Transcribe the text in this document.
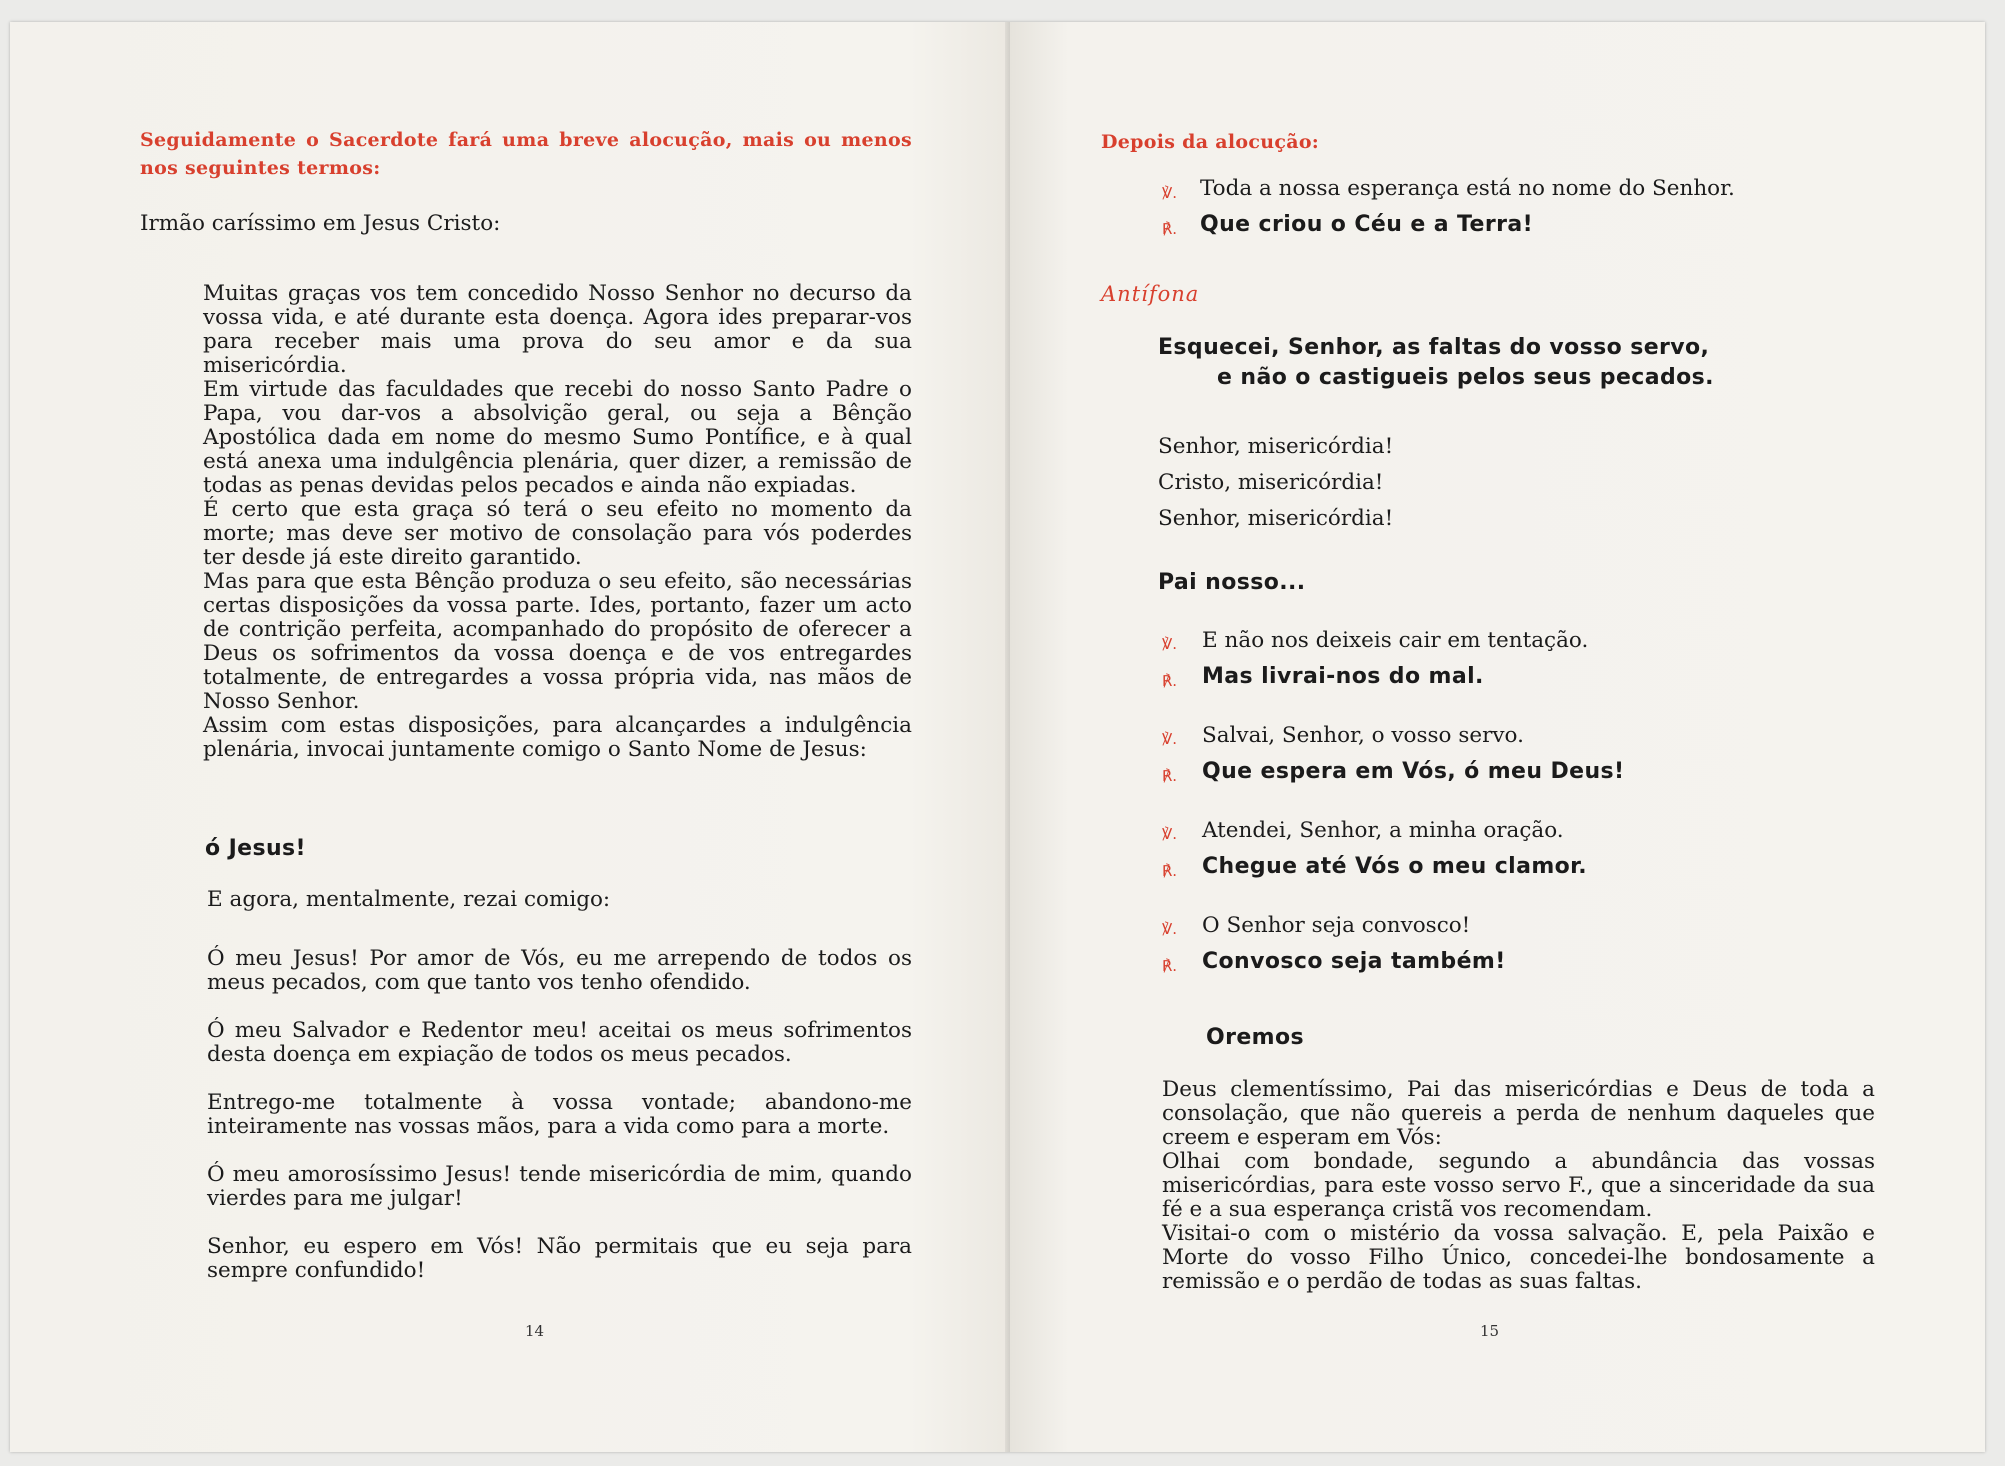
Seguidamente o Sacerdote fará uma breve alocução, mais ou menos nos seguintes termos:
Irmão caríssimo em Jesus Cristo:

Muitas graças vos tem concedido Nosso Senhor no decurso da vossa vida, e até durante esta doença. Agora ides preparar-vos para receber mais uma prova do seu amor e da sua misericórdia.

Em virtude das faculdades que recebi do nosso Santo Padre o Papa, vou dar-vos a absolvição geral, ou seja a Bênção Apostólica dada em nome do mesmo Sumo Pontífice, e à qual está anexa uma indulgência plenária, quer dizer, a remissão de todas as penas devidas pelos pecados e ainda não expiadas.

É certo que esta graça só terá o seu efeito no momento da morte; mas deve ser motivo de consolação para vós poderdes ter desde já este direito garantido.

Mas para que esta Bênção produza o seu efeito, são necessárias certas disposições da vossa parte. Ides, portanto, fazer um acto de contrição perfeita, acompanhado do propósito de oferecer a Deus os sofrimentos da vossa doença e de vos entregardes totalmente, de entregardes a vossa própria vida, nas mãos de Nosso Senhor.

Assim com estas disposições, para alcançardes a indulgência plenária, invocai juntamente comigo o Santo Nome de Jesus:

ó Jesus!
E agora, mentalmente, rezai comigo:
Ó meu Jesus! Por amor de Vós, eu me arrependo de todos os meus pecados, com que tanto vos tenho ofendido.
Ó meu Salvador e Redentor meu! aceitai os meus sofrimentos desta doença em expiação de todos os meus pecados.
Entrego-me totalmente à vossa vontade; abandono-me inteiramente nas vossas mãos, para a vida como para a morte.
Ó meu amorosíssimo Jesus! tende misericórdia de mim, quando vierdes para me julgar!
Senhor, eu espero em Vós! Não permitais que eu seja para sempre confundido!
14
Depois da alocução:
℣. Toda a nossa esperança está no nome do Senhor.
℟. Que criou o Céu e a Terra!
Antífona
Esquecei, Senhor, as faltas do vosso servo,
e não o castigueis pelos seus pecados.
Senhor, misericórdia!
Cristo, misericórdia!
Senhor, misericórdia!
Pai nosso...
℣. E não nos deixeis cair em tentação.
℟. Mas livrai-nos do mal.
℣. Salvai, Senhor, o vosso servo.
℟. Que espera em Vós, ó meu Deus!
℣. Atendei, Senhor, a minha oração.
℟. Chegue até Vós o meu clamor.
℣. O Senhor seja convosco!
℟. Convosco seja também!
Oremos

Deus clementíssimo, Pai das misericórdias e Deus de toda a consolação, que não quereis a perda de nenhum daqueles que creem e esperam em Vós:

Olhai com bondade, segundo a abundância das vossas misericórdias, para este vosso servo F., que a sinceridade da sua fé e a sua esperança cristã vos recomendam.

Visitai-o com o mistério da vossa salvação. E, pela Paixão e Morte do vosso Filho Único, concedei-lhe bondosamente a remissão e o perdão de todas as suas faltas.

15
